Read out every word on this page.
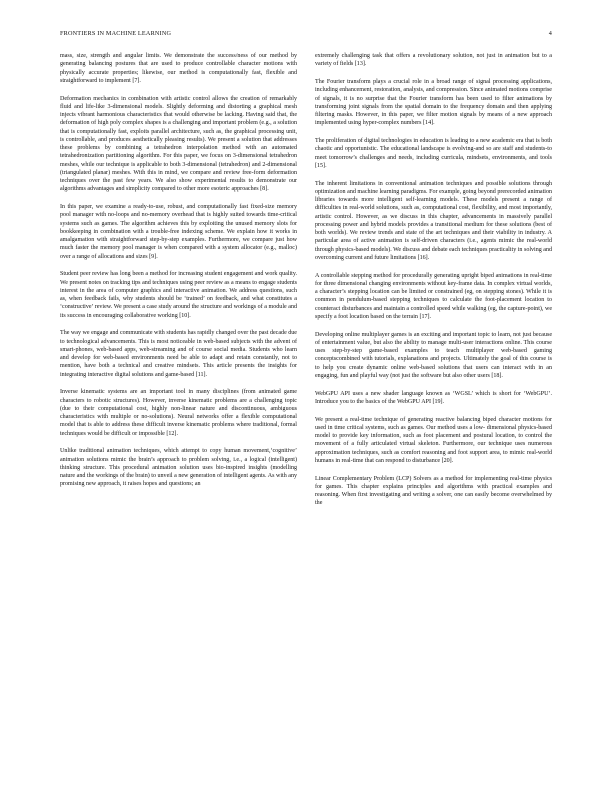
FRONTIERS IN MACHINE LEARNING	4

mass, size, strength and angular limits. We demonstrate the success/ness of our method by generating balancing postures that are used to produce controllable character motions with physically accurate properties; likewise, our method is computationally fast, flexible and straightforward to implement [7].

Deformation mechanics in combination with artistic control allows the creation of remarkably fluid and life-like 3-dimensional models. Slightly deforming and distorting a graphical mesh injects vibrant harmonious characteristics that would otherwise be lacking. Having said that, the deformation of high poly complex shapes is a challenging and important problem (e.g., a solution that is computationally fast, exploits parallel architecture, such as, the graphical processing unit, is controllable, and produces aesthetically pleasing results). We present a solution that addresses these problems by combining a tetrahedron interpolation method with an automated tetrahedronization partitioning algorithm. For this paper, we focus on 3-dimensional tetrahedron meshes, while our technique is applicable to both 3-dimensional (tetrahedron) and 2-dimensional (triangulated planar) meshes. With this in mind, we compare and review free-form deformation techniques over the past few years. We also show experimental results to demonstrate our algorithms advantages and simplicity compared to other more esoteric approaches [8].

In this paper, we examine a ready-to-use, robust, and computationally fast fixed-size memory pool manager with no-loops and no-memory overhead that is highly suited towards time-critical systems such as games. The algorithm achieves this by exploiting the unused memory slots for bookkeeping in combination with a trouble-free indexing scheme. We explain how it works in amalgamation with straightforward step-by-step examples. Furthermore, we compare just how much faster the memory pool manager is when compared with a system allocator (e.g., malloc) over a range of allocations and sizes [9].

Student peer review has long been a method for increasing student engagement and work quality. We present notes on tracking tips and techniques using peer review as a means to engage students interest in the area of computer graphics and interactive animation. We address questions, such as, when feedback fails, why students should be ‘trained’ on feedback, and what constitutes a ‘constructive’ review. We present a case study around the structure and workings of a module and its success in encouraging collaborative working [10].

The way we engage and communicate with students has rapidly changed over the past decade due to technological advancements. This is most noticeable in web-based subjects with the advent of smart-phones, web-based apps, web-streaming and of course social media. Students who learn and develop for web-based environments need be able to adapt and retain constantly, not to mention, have both a technical and creative mindsets. This article presents the insights for integrating interactive digital solutions and game-based [11].

Inverse kinematic systems are an important tool in many disciplines (from animated game characters to robotic structures). However, inverse kinematic problems are a challenging topic (due to their computational cost, highly non-linear nature and discontinuous, ambiguous characteristics with multiple or no-solutions). Neural networks offer a flexible computational model that is able to address these difficult inverse kinematic problems where traditional, formal techniques would be difficult or impossible [12].

Unlike traditional animation techniques, which attempt to copy human movement,‘cognitive’ animation solutions mimic the brain’s approach to problem solving, i.e., a logical (intelligent) thinking structure. This procedural animation solution uses bio-inspired insights (modelling nature and the workings of the brain) to unveil a new generation of intelligent agents. As with any promising new approach, it raises hopes and questions; an

extremely challenging task that offers a revolutionary solution, not just in animation but to a variety of fields [13].

The Fourier transform plays a crucial role in a broad range of signal processing applications, including enhancement, restoration, analysis, and compression. Since animated motions comprise of signals, it is no surprise that the Fourier transform has been used to filter animations by transforming joint signals from the spatial domain to the frequency domain and then applying filtering masks. However, in this paper, we filter motion signals by means of a new approach implemented using hyper-complex numbers [14].

The proliferation of digital technologies in education is leading to a new academic era that is both chaotic and opportunistic. The educational landscape is evolving-and so are staff and students-to meet tomorrow’s challenges and needs, including curricula, mindsets, environments, and tools [15].

The inherent limitations in conventional animation techniques and possible solutions through optimization and machine learning paradigms. For example, going beyond prerecorded animation libraries towards more intelligent self-learning models. These models present a range of difficulties in real-world solutions, such as, computational cost, flexibility, and most importantly, artistic control. However, as we discuss in this chapter, advancements in massively parallel processing power and hybrid models provides a transitional medium for these solutions (best of both worlds). We review trends and state of the art techniques and their viability in industry. A particular area of active animation is self-driven characters (i.e., agents mimic the real-world through physics-based models). We discuss and debate each techniques practicality in solving and overcoming current and future limitations [16].

A controllable stepping method for procedurally generating upright biped animations in real-time for three dimensional changing environments without key-frame data. In complex virtual worlds, a character’s stepping location can be limited or constrained (eg, on stepping stones). While it is common in pendulum-based stepping techniques to calculate the foot-placement location to counteract disturbances and maintain a controlled speed while walking (eg, the capture-point), we specify a foot location based on the terrain [17].

Developing online multiplayer games is an exciting and important topic to learn, not just because of entertainment value, but also the ability to manage multi-user interactions online. This course uses step-by-step game-based examples to teach multiplayer web-based gaming conceptscombined with tutorials, explanations and projects. Ultimately the goal of this course is to help you create dynamic online web-based solutions that users can interact with in an engaging, fun and playful way (not just the software but also other users [18].

WebGPU API uses a new shader language known as ‘WGSL’ which is short for ‘WebGPU’. Introduce you to the basics of the WebGPU API [19].

We present a real-time technique of generating reactive balancing biped character motions for used in time critical systems, such as games. Our method uses a low- dimensional physics-based model to provide key information, such as foot placement and postural location, to control the movement of a fully articulated virtual skeleton. Furthermore, our technique uses numerous approximation techniques, such as comfort reasoning and foot support area, to mimic real-world humans in real-time that can respond to disturbance [20].

Linear Complementary Problem (LCP) Solvers as a method for implementing real-time physics for games. This chapter explains principles and algorithms with practical examples and reasoning. When first investigating and writing a solver, one can easily become overwhelmed by the
